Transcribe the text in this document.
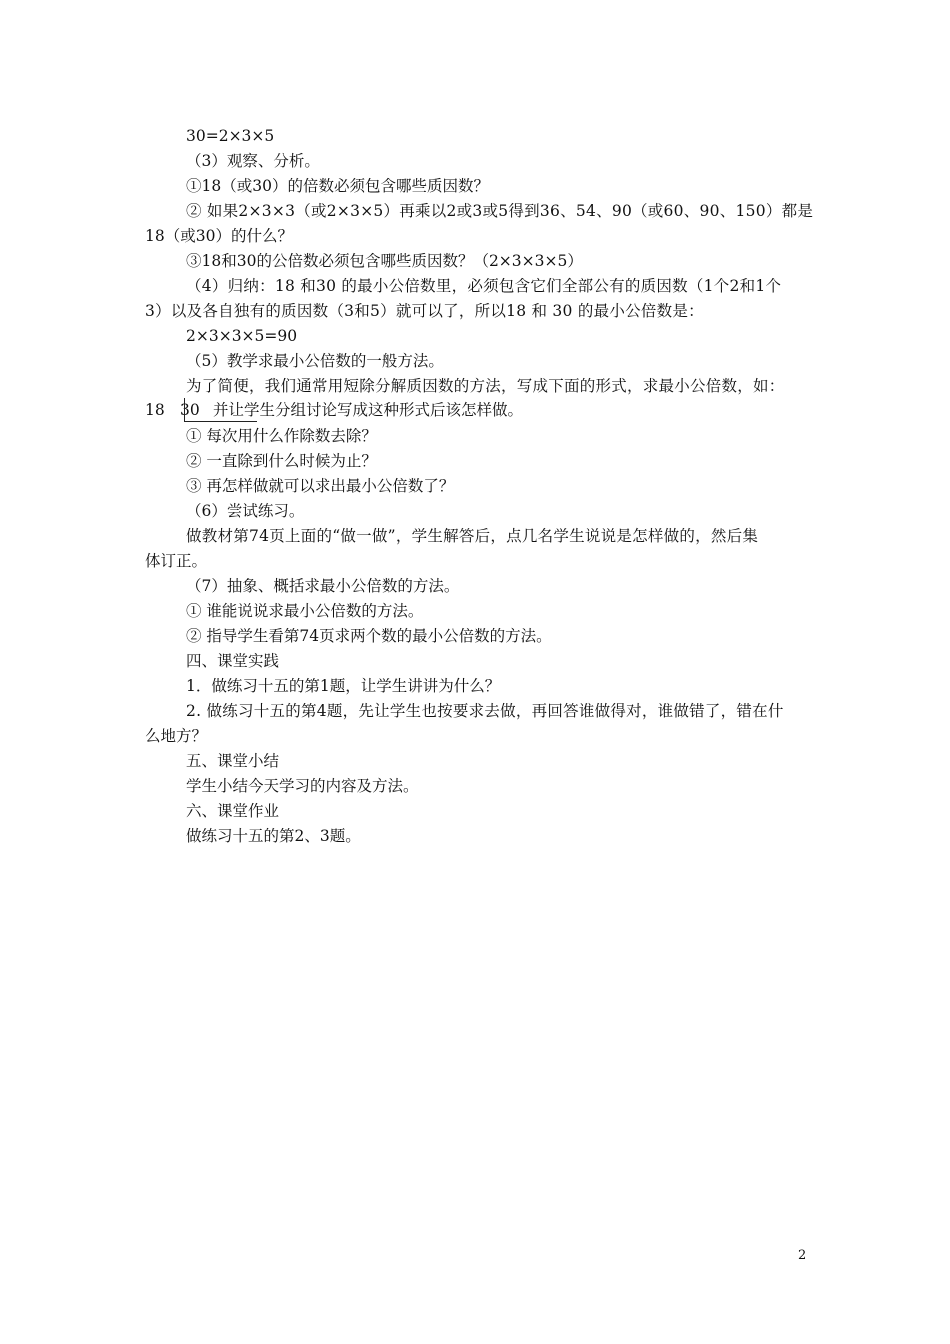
30=2×3×5
（3）观察、分析。
①18（或30）的倍数必须包含哪些质因数？
② 如果2×3×3（或2×3×5）再乘以2或3或5得到36、54、90（或60、90、150）都是
18（或30）的什么？
③18和30的公倍数必须包含哪些质因数？（2×3×3×5）
（4）归纳：18 和30 的最小公倍数里，必须包含它们全部公有的质因数（1个2和1个
3）以及各自独有的质因数（3和5）就可以了，所以18 和 30 的最小公倍数是：
2×3×3×5=90
（5）教学求最小公倍数的一般方法。
为了简便，我们通常用短除分解质因数的方法，写成下面的形式，求最小公倍数，如：
18 30 并让学生分组讨论写成这种形式后该怎样做。
① 每次用什么作除数去除？
② 一直除到什么时候为止？
③ 再怎样做就可以求出最小公倍数了？
（6）尝试练习。
做教材第74页上面的“做一做”，学生解答后，点几名学生说说是怎样做的，然后集
体订正。
（7）抽象、概括求最小公倍数的方法。
① 谁能说说求最小公倍数的方法。
② 指导学生看第74页求两个数的最小公倍数的方法。
四、课堂实践
1．做练习十五的第1题，让学生讲讲为什么？
2. 做练习十五的第4题，先让学生也按要求去做，再回答谁做得对，谁做错了，错在什
么地方？
五、课堂小结
学生小结今天学习的内容及方法。
六、课堂作业
做练习十五的第2、3题。
2
